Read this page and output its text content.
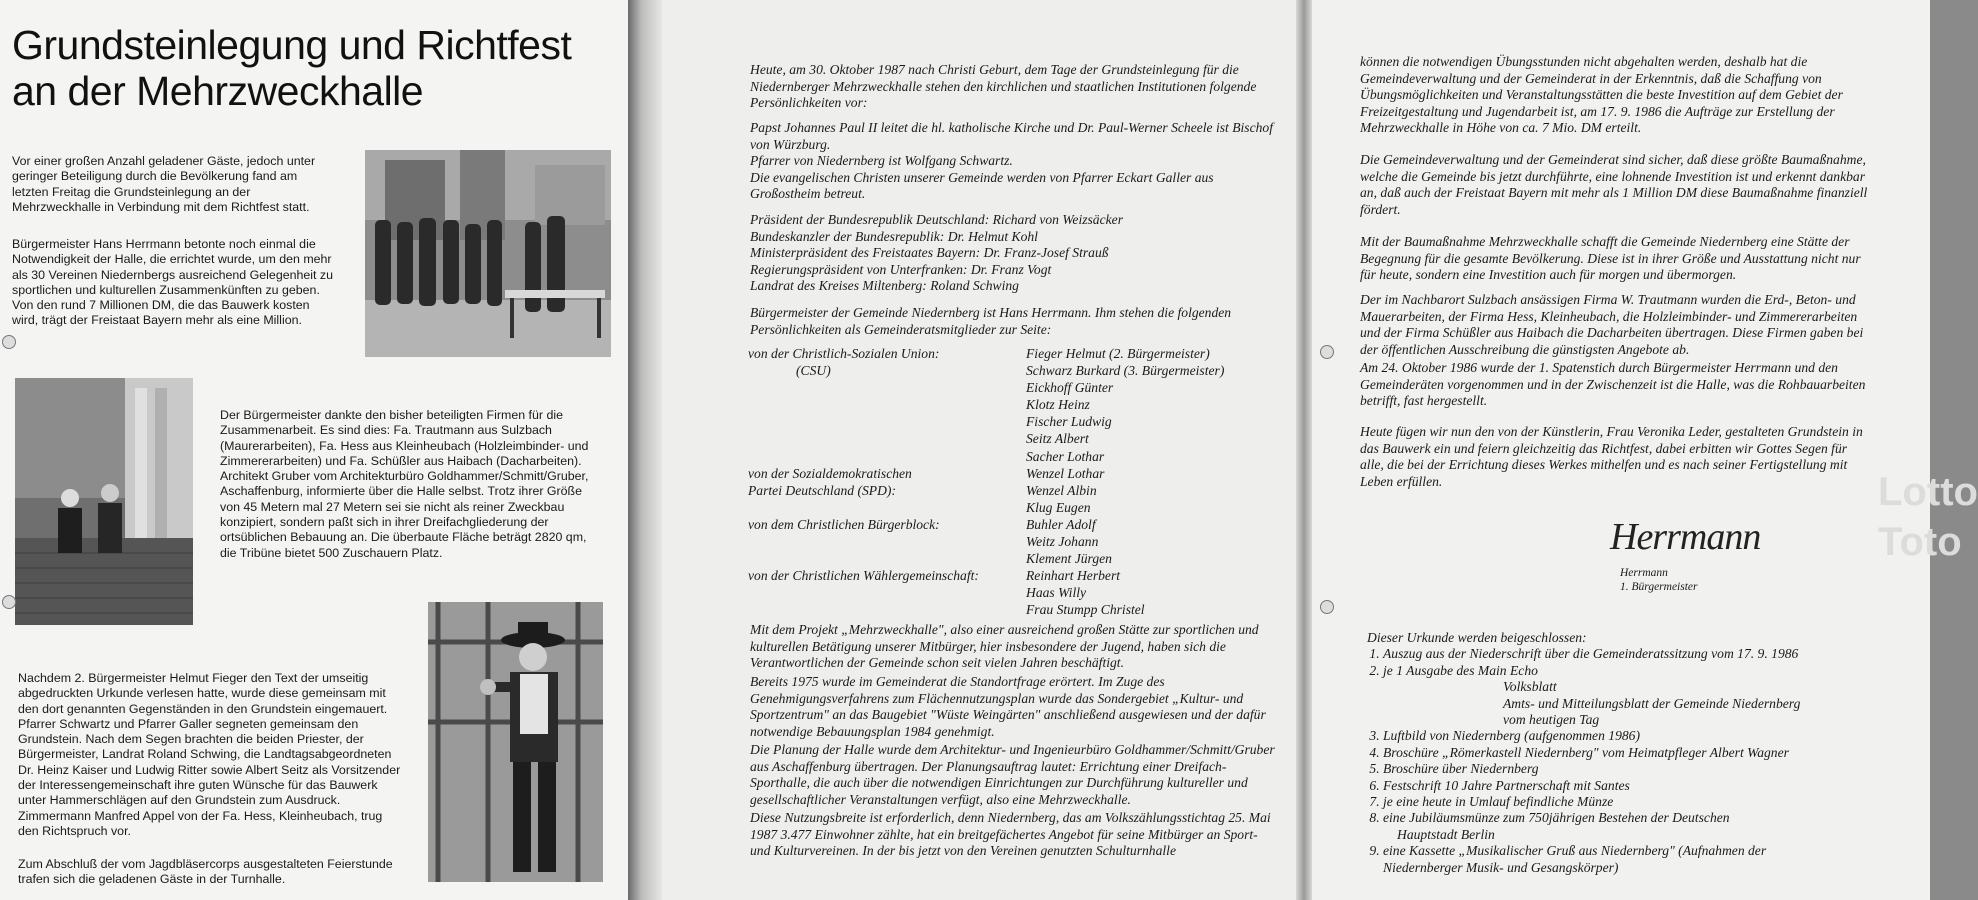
Grundsteinlegung und Richtfest
an der Mehrzweckhalle

Vor einer großen Anzahl geladener Gäste, jedoch unter geringer Beteiligung durch die Bevölkerung fand am letzten Freitag die Grundsteinlegung an der Mehrzweckhalle in Verbindung mit dem Richtfest statt.

Bürgermeister Hans Herrmann betonte noch einmal die Notwendigkeit der Halle, die errichtet wurde, um den mehr als 30 Vereinen Niedernbergs ausreichend Gelegenheit zu sportlichen und kulturellen Zusammenkünften zu geben. Von den rund 7 Millionen DM, die das Bauwerk kosten wird, trägt der Freistaat Bayern mehr als eine Million.

Der Bürgermeister dankte den bisher beteiligten Firmen für die Zusammenarbeit. Es sind dies: Fa. Trautmann aus Sulzbach (Maurerarbeiten), Fa. Hess aus Kleinheubach (Holzleimbinder- und Zimmererarbeiten) und Fa. Schüßler aus Haibach (Dacharbeiten). Architekt Gruber vom Architekturbüro Goldhammer/Schmitt/Gruber, Aschaffenburg, informierte über die Halle selbst. Trotz ihrer Größe von 45 Metern mal 27 Metern sei sie nicht als reiner Zweckbau konzipiert, sondern paßt sich in ihrer Dreifachgliederung der ortsüblichen Bebauung an. Die überbaute Fläche beträgt 2820 qm, die Tribüne bietet 500 Zuschauern Platz.

Nachdem 2. Bürgermeister Helmut Fieger den Text der umseitig abgedruckten Urkunde verlesen hatte, wurde diese gemeinsam mit den dort genannten Gegenständen in den Grundstein eingemauert. Pfarrer Schwartz und Pfarrer Galler segneten gemeinsam den Grundstein. Nach dem Segen brachten die beiden Priester, der Bürgermeister, Landrat Roland Schwing, die Landtagsabgeordneten Dr. Heinz Kaiser und Ludwig Ritter sowie Albert Seitz als Vorsitzender der Interessengemeinschaft ihre guten Wünsche für das Bauwerk unter Hammerschlägen auf den Grundstein zum Ausdruck. Zimmermann Manfred Appel von der Fa. Hess, Kleinheubach, trug den Richtspruch vor.

Zum Abschluß der vom Jagdbläsercorps ausgestalteten Feierstunde trafen sich die geladenen Gäste in der Turnhalle.

Heute, am 30. Oktober 1987 nach Christi Geburt, dem Tage der Grundsteinlegung für die Niedernberger Mehrzweckhalle stehen den kirchlichen und staatlichen Institutionen folgende Persönlichkeiten vor:

Papst Johannes Paul II leitet die hl. katholische Kirche und Dr. Paul-Werner Scheele ist Bischof von Würzburg.
Pfarrer von Niedernberg ist Wolfgang Schwartz.
Die evangelischen Christen unserer Gemeinde werden von Pfarrer Eckart Galler aus Großostheim betreut.
Präsident der Bundesrepublik Deutschland: Richard von Weizsäcker
Bundeskanzler der Bundesrepublik: Dr. Helmut Kohl
Ministerpräsident des Freistaates Bayern: Dr. Franz-Josef Strauß
Regierungspräsident von Unterfranken: Dr. Franz Vogt
Landrat des Kreises Miltenberg: Roland Schwing

Bürgermeister der Gemeinde Niedernberg ist Hans Herrmann. Ihm stehen die folgenden Persönlichkeiten als Gemeinderatsmitglieder zur Seite:

von der Christlich-Sozialen Union:
(CSU)

von der Sozialdemokratischen
Partei Deutschland (SPD):

von dem Christlichen Bürgerblock:

von der Christlichen Wählergemeinschaft:
Fieger Helmut (2. Bürgermeister)
Schwarz Burkard (3. Bürgermeister)
Eickhoff Günter
Klotz Heinz
Fischer Ludwig
Seitz Albert
Sacher Lothar
Wenzel Lothar
Wenzel Albin
Klug Eugen
Buhler Adolf
Weitz Johann
Klement Jürgen
Reinhart Herbert
Haas Willy
Frau Stumpp Christel

Mit dem Projekt „Mehrzweckhalle", also einer ausreichend großen Stätte zur sportlichen und kulturellen Betätigung unserer Mitbürger, hier insbesondere der Jugend, haben sich die Verantwortlichen der Gemeinde schon seit vielen Jahren beschäftigt.

Bereits 1975 wurde im Gemeinderat die Standortfrage erörtert. Im Zuge des Genehmigungsverfahrens zum Flächennutzungsplan wurde das Sondergebiet „Kultur- und Sportzentrum" an das Baugebiet "Wüste Weingärten" anschließend ausgewiesen und der dafür notwendige Bebauungsplan 1984 genehmigt.

Die Planung der Halle wurde dem Architektur- und Ingenieurbüro Goldhammer/Schmitt/Gruber aus Aschaffenburg übertragen. Der Planungsauftrag lautet: Errichtung einer Dreifach-Sporthalle, die auch über die notwendigen Einrichtungen zur Durchführung kultureller und gesellschaftlicher Veranstaltungen verfügt, also eine Mehrzweckhalle.

Diese Nutzungsbreite ist erforderlich, denn Niedernberg, das am Volkszählungsstichtag 25. Mai 1987 3.477 Einwohner zählte, hat ein breitgefächertes Angebot für seine Mitbürger an Sport- und Kulturvereinen. In der bis jetzt von den Vereinen genutzten Schulturnhalle

können die notwendigen Übungsstunden nicht abgehalten werden, deshalb hat die Gemeindeverwaltung und der Gemeinderat in der Erkenntnis, daß die Schaffung von Übungsmöglichkeiten und Veranstaltungsstätten die beste Investition auf dem Gebiet der Freizeitgestaltung und Jugendarbeit ist, am 17. 9. 1986 die Aufträge zur Erstellung der Mehrzweckhalle in Höhe von ca. 7 Mio. DM erteilt.

Die Gemeindeverwaltung und der Gemeinderat sind sicher, daß diese größte Baumaßnahme, welche die Gemeinde bis jetzt durchführte, eine lohnende Investition ist und erkennt dankbar an, daß auch der Freistaat Bayern mit mehr als 1 Million DM diese Baumaßnahme finanziell fördert.

Mit der Baumaßnahme Mehrzweckhalle schafft die Gemeinde Niedernberg eine Stätte der Begegnung für die gesamte Bevölkerung. Diese ist in ihrer Größe und Ausstattung nicht nur für heute, sondern eine Investition auch für morgen und übermorgen.

Der im Nachbarort Sulzbach ansässigen Firma W. Trautmann wurden die Erd-, Beton- und Mauerarbeiten, der Firma Hess, Kleinheubach, die Holzleimbinder- und Zimmererarbeiten und der Firma Schüßler aus Haibach die Dacharbeiten übertragen. Diese Firmen gaben bei der öffentlichen Ausschreibung die günstigsten Angebote ab.

Am 24. Oktober 1986 wurde der 1. Spatenstich durch Bürgermeister Herrmann und den Gemeinderäten vorgenommen und in der Zwischenzeit ist die Halle, was die Rohbauarbeiten betrifft, fast hergestellt.

Heute fügen wir nun den von der Künstlerin, Frau Veronika Leder, gestalteten Grundstein in das Bauwerk ein und feiern gleichzeitig das Richtfest, dabei erbitten wir Gottes Segen für alle, die bei der Errichtung dieses Werkes mithelfen und es nach seiner Fertigstellung mit Leben erfüllen.

Herrmann
Herrmann
1. Bürgermeister
Dieser Urkunde werden beigeschlossen:
1. Auszug aus der Niederschrift über die Gemeinderatssitzung vom 17. 9. 1986
2. je 1 Ausgabe des Main Echo
Volksblatt
Amts- und Mitteilungsblatt der Gemeinde Niedernberg
vom heutigen Tag
3. Luftbild von Niedernberg (aufgenommen 1986)
4. Broschüre „Römerkastell Niedernberg" vom Heimatpfleger Albert Wagner
5. Broschüre über Niedernberg
6. Festschrift 10 Jahre Partnerschaft mit Santes
7. je eine heute in Umlauf befindliche Münze
8. eine Jubiläumsmünze zum 750jährigen Bestehen der Deutschen
Hauptstadt Berlin
9. eine Kassette „Musikalischer Gruß aus Niedernberg" (Aufnahmen der
Niedernberger Musik- und Gesangskörper)
Lotto
Toto
